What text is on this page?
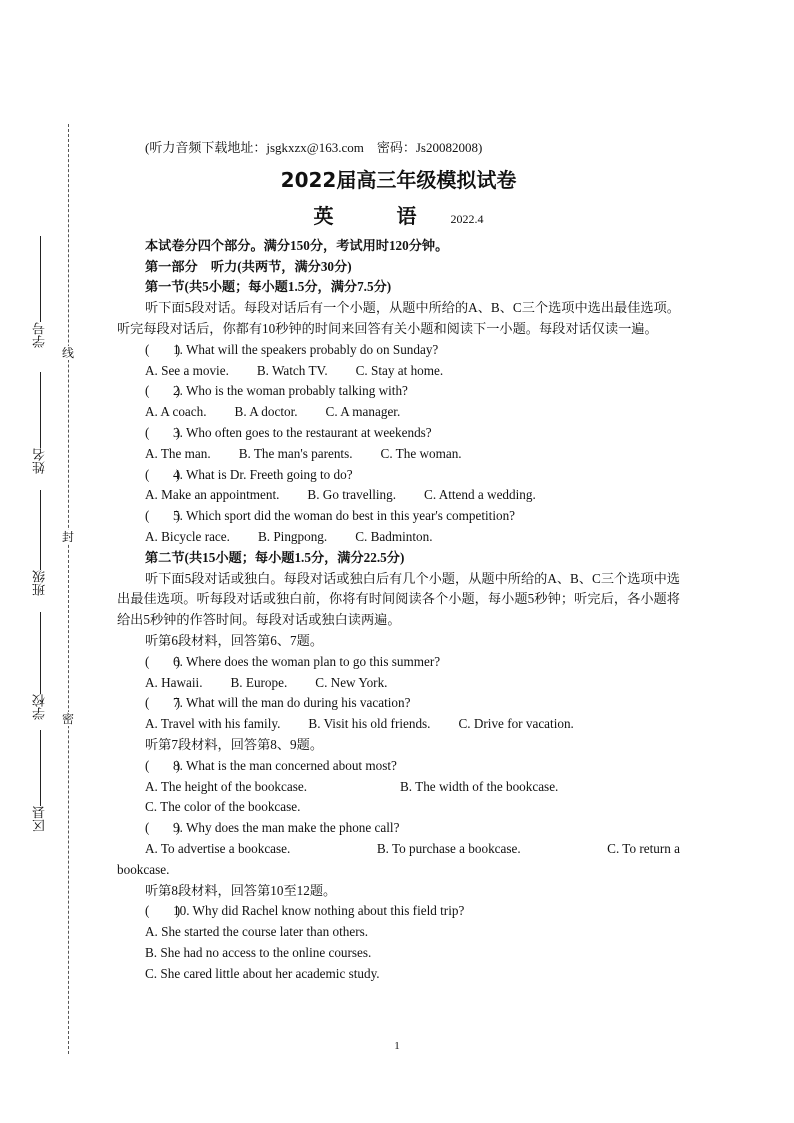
线
封
密
学号
姓名
班级
学校
区县
(听力音频下载地址：jsgkxzx@163.com　密码：Js20082008)
2022届高三年级模拟试卷
英 语 2022.4
本试卷分四个部分。满分150分，考试用时120分钟。
第一部分　听力(共两节，满分30分)
第一节(共5小题；每小题1.5分，满分7.5分)
听下面5段对话。每段对话后有一个小题，从题中所给的A、B、C三个选项中选出最佳选项。听完每段对话后，你都有10秒钟的时间来回答有关小题和阅读下一小题。每段对话仅读一遍。
(　　)1. What will the speakers probably do on Sunday?
A. See a movie. B. Watch TV. C. Stay at home.
(　　)2. Who is the woman probably talking with?
A. A coach. B. A doctor. C. A manager.
(　　)3. Who often goes to the restaurant at weekends?
A. The man. B. The man's parents. C. The woman.
(　　)4. What is Dr. Freeth going to do?
A. Make an appointment. B. Go travelling. C. Attend a wedding.
(　　)5. Which sport did the woman do best in this year's competition?
A. Bicycle race. B. Pingpong. C. Badminton.
第二节(共15小题；每小题1.5分，满分22.5分)
听下面5段对话或独白。每段对话或独白后有几个小题，从题中所给的A、B、C三个选项中选出最佳选项。听每段对话或独白前，你将有时间阅读各个小题，每小题5秒钟；听完后，各小题将给出5秒钟的作答时间。每段对话或独白读两遍。
听第6段材料，回答第6、7题。
(　　)6. Where does the woman plan to go this summer?
A. Hawaii. B. Europe. C. New York.
(　　)7. What will the man do during his vacation?
A. Travel with his family. B. Visit his old friends. C. Drive for vacation.
听第7段材料，回答第8、9题。
(　　)8. What is the man concerned about most?
A. The height of the bookcase.	B. The width of the bookcase.
C. The color of the bookcase.
(　　)9. Why does the man make the phone call?
A. To advertise a bookcase.	B. To purchase a bookcase.	C. To return a
bookcase.
听第8段材料，回答第10至12题。
(　　)10. Why did Rachel know nothing about this field trip?
A. She started the course later than others.
B. She had no access to the online courses.
C. She cared little about her academic study.
1
